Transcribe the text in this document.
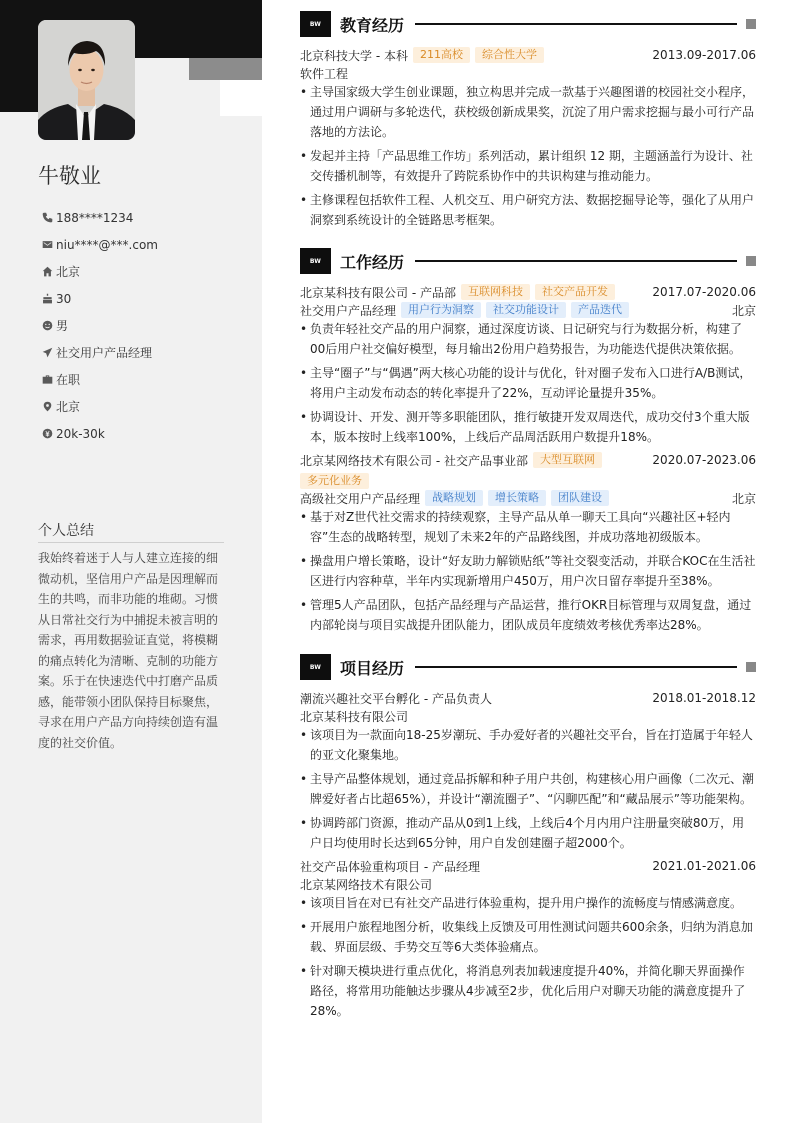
牛敬业
188****1234
niu****@***.com
北京
30
男
社交用户产品经理
在职
北京
20k-30k
个人总结
我始终着迷于人与人建立连接的细微动机，坚信用户产品是因理解而生的共鸣，而非功能的堆砌。习惯从日常社交行为中捕捉未被言明的需求，再用数据验证直觉，将模糊的痛点转化为清晰、克制的功能方案。乐于在快速迭代中打磨产品质感，能带领小团队保持目标聚焦，寻求在用户产品方向持续创造有温度的社交价值。
BW	教育经历
北京科技大学 - 本科	211高校	综合性大学	2013.09-2017.06
软件工程
• 主导国家级大学生创业课题，独立构思并完成一款基于兴趣图谱的校园社交小程序，通过用户调研与多轮迭代，获校级创新成果奖，沉淀了用户需求挖掘与最小可行产品落地的方法论。
• 发起并主持「产品思维工作坊」系列活动，累计组织 12 期，主题涵盖行为设计、社交传播机制等，有效提升了跨院系协作中的共识构建与推动能力。
• 主修课程包括软件工程、人机交互、用户研究方法、数据挖掘导论等，强化了从用户洞察到系统设计的全链路思考框架。
BW	工作经历
北京某科技有限公司 - 产品部	互联网科技	社交产品开发	2017.07-2020.06
社交用户产品经理	用户行为洞察	社交功能设计	产品迭代	北京
• 负责年轻社交产品的用户洞察，通过深度访谈、日记研究与行为数据分析，构建了00后用户社交偏好模型，每月输出2份用户趋势报告，为功能迭代提供决策依据。
• 主导“圈子”与“偶遇”两大核心功能的设计与优化，针对圈子发布入口进行A/B测试，将用户主动发布动态的转化率提升了22%，互动评论量提升35%。
• 协调设计、开发、测开等多职能团队，推行敏捷开发双周迭代，成功交付3个重大版本，版本按时上线率100%，上线后产品周活跃用户数提升18%。
北京某网络技术有限公司 - 社交产品事业部	大型互联网	2020.07-2023.06
多元化业务
高级社交用户产品经理	战略规划	增长策略	团队建设	北京
• 基于对Z世代社交需求的持续观察，主导产品从单一聊天工具向“兴趣社区+轻内容”生态的战略转型，规划了未来2年的产品路线图，并成功落地初级版本。
• 操盘用户增长策略，设计“好友助力解锁贴纸”等社交裂变活动，并联合KOC在生活社区进行内容种草，半年内实现新增用户450万，用户次日留存率提升至38%。
• 管理5人产品团队，包括产品经理与产品运营，推行OKR目标管理与双周复盘，通过内部轮岗与项目实战提升团队能力，团队成员年度绩效考核优秀率达28%。
BW	项目经历
潮流兴趣社交平台孵化 - 产品负责人	2018.01-2018.12
北京某科技有限公司
• 该项目为一款面向18-25岁潮玩、手办爱好者的兴趣社交平台，旨在打造属于年轻人的亚文化聚集地。
• 主导产品整体规划，通过竞品拆解和种子用户共创，构建核心用户画像（二次元、潮牌爱好者占比超65%），并设计“潮流圈子”、“闪聊匹配”和“藏品展示”等功能架构。
• 协调跨部门资源，推动产品从0到1上线，上线后4个月内用户注册量突破80万，用户日均使用时长达到65分钟，用户自发创建圈子超2000个。
社交产品体验重构项目 - 产品经理	2021.01-2021.06
北京某网络技术有限公司
• 该项目旨在对已有社交产品进行体验重构，提升用户操作的流畅度与情感满意度。
• 开展用户旅程地图分析，收集线上反馈及可用性测试问题共600余条，归纳为消息加载、界面层级、手势交互等6大类体验痛点。
• 针对聊天模块进行重点优化，将消息列表加载速度提升40%，并简化聊天界面操作路径，将常用功能触达步骤从4步减至2步，优化后用户对聊天功能的满意度提升了28%。
